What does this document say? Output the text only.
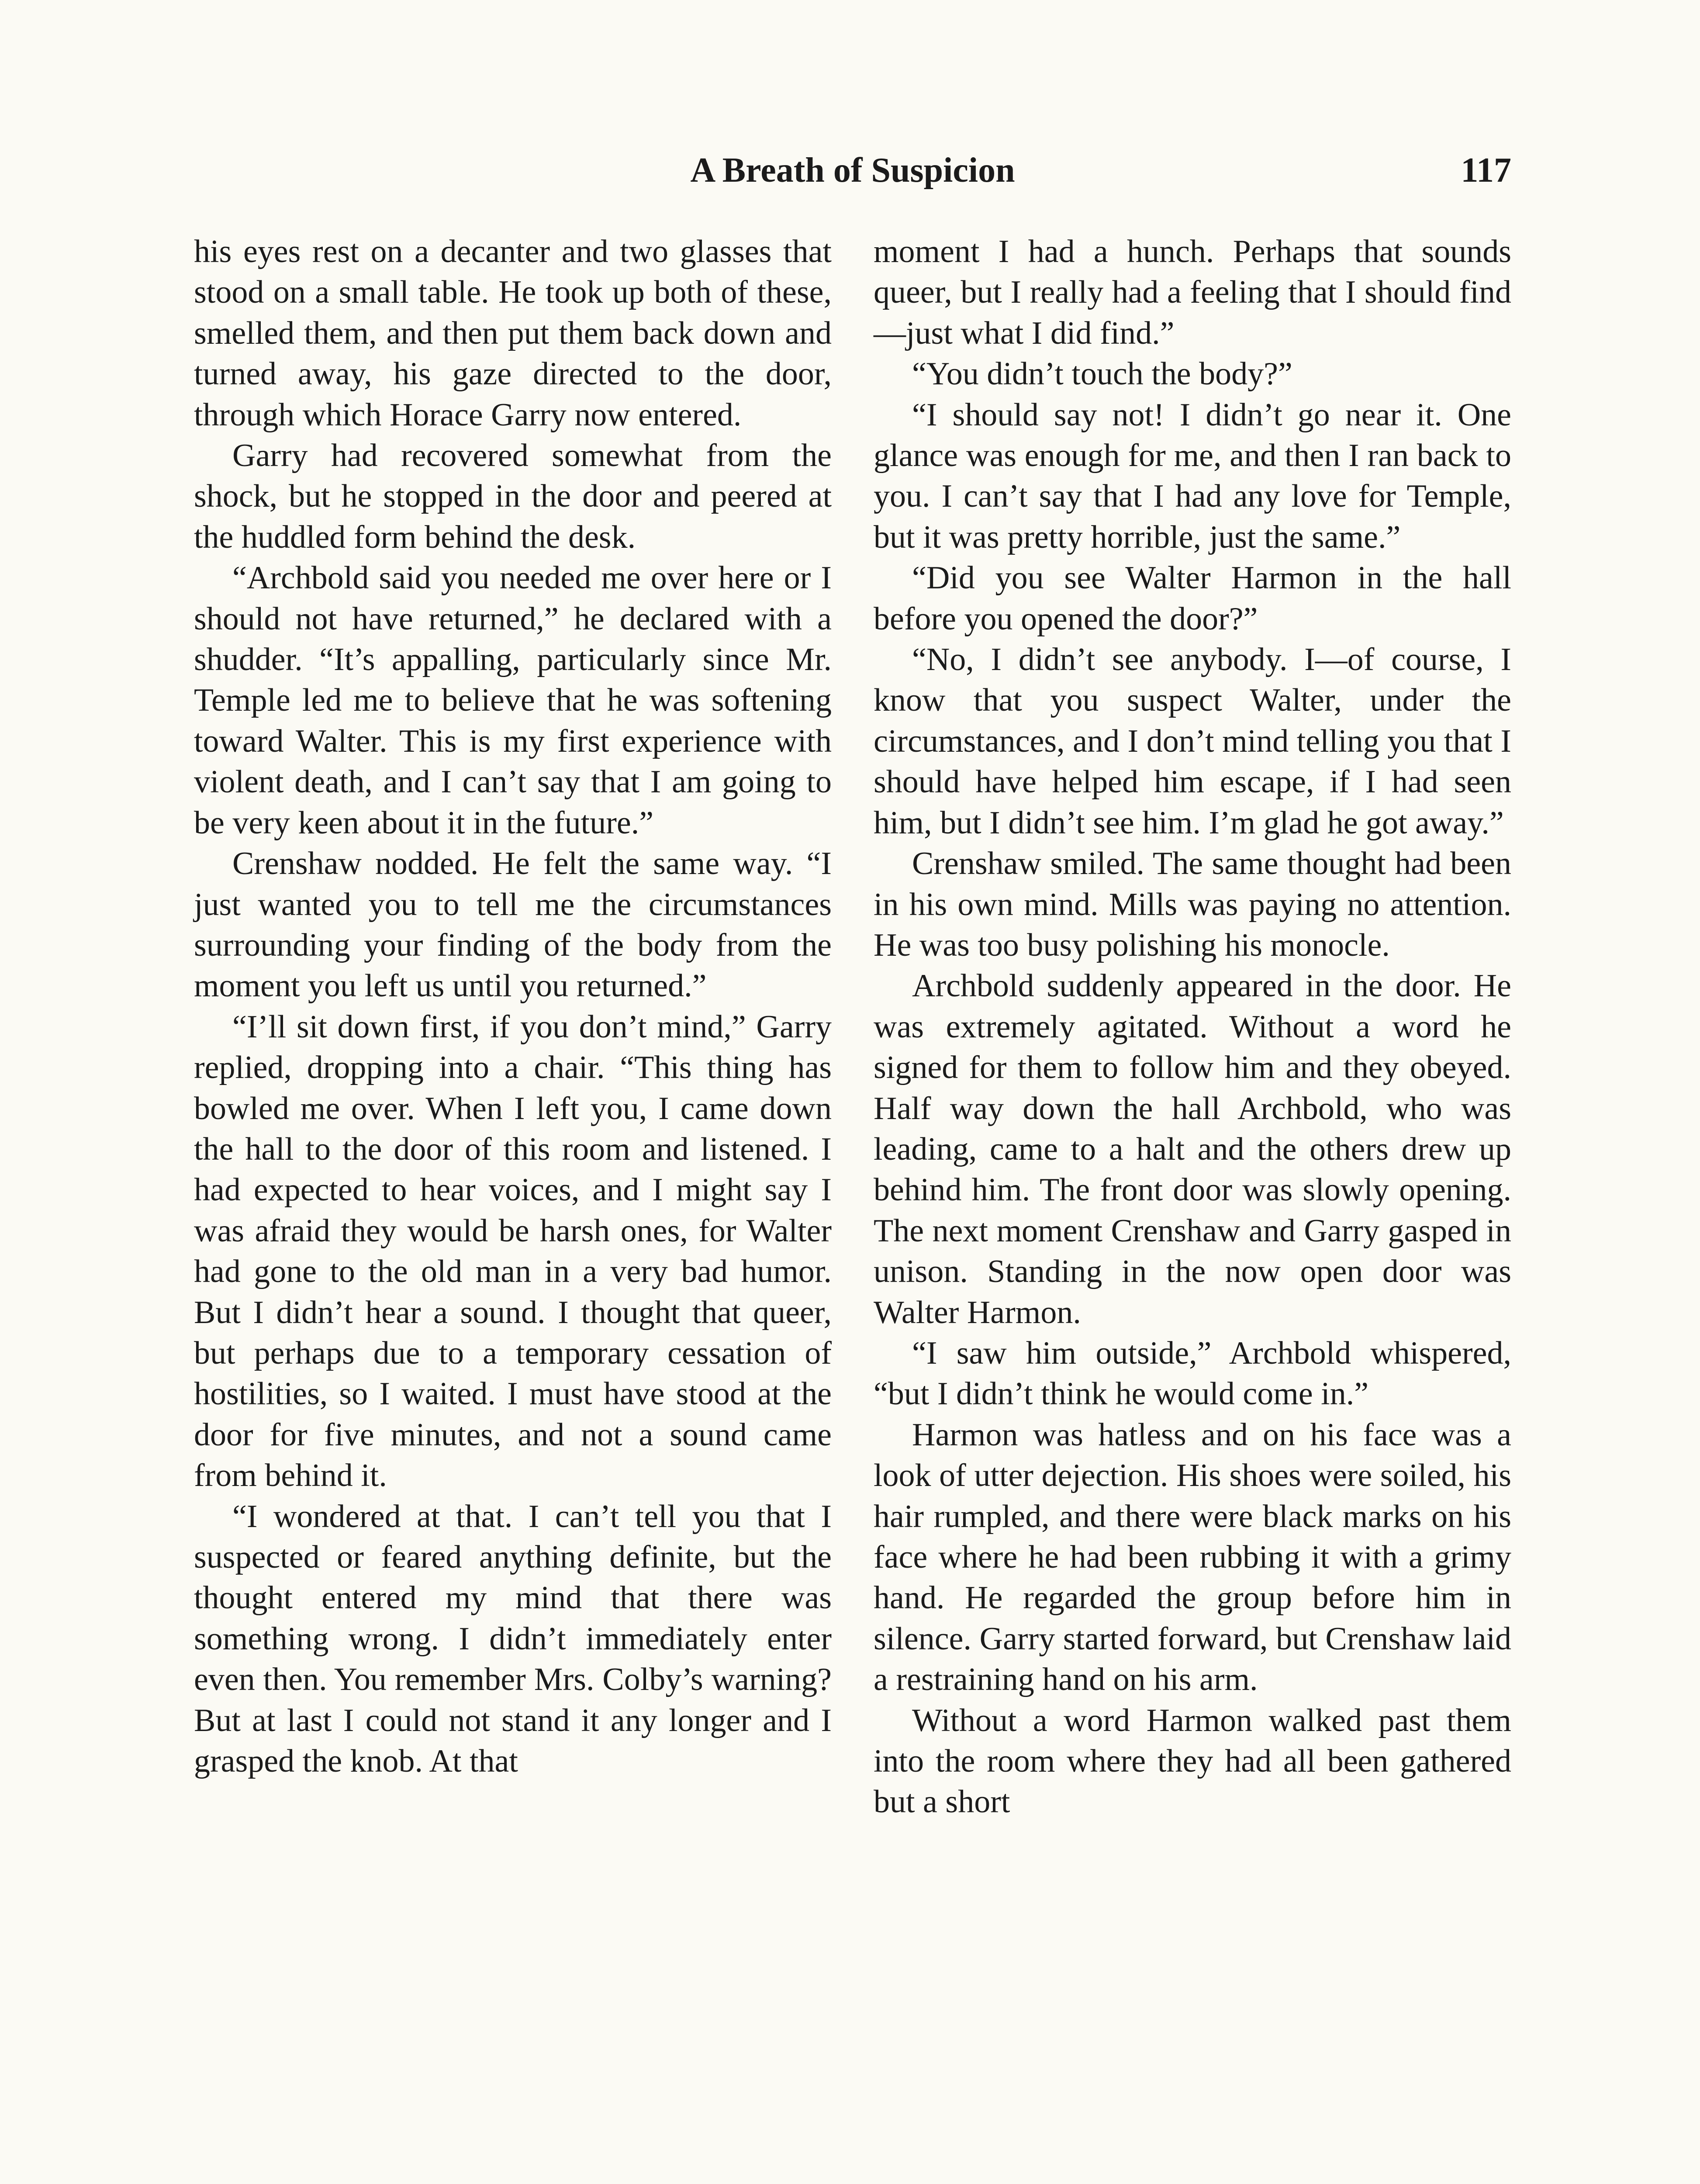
A Breath of Suspicion	117

his eyes rest on a decanter and two glasses that stood on a small table. He took up both of these, smelled them, and then put them back down and turned away, his gaze directed to the door, through which Horace Garry now entered.

Garry had recovered somewhat from the shock, but he stopped in the door and peered at the huddled form behind the desk.

“Archbold said you needed me over here or I should not have returned,” he declared with a shudder. “It’s appalling, particularly since Mr. Temple led me to believe that he was softening toward Walter. This is my first experience with violent death, and I can’t say that I am going to be very keen about it in the future.”

Crenshaw nodded. He felt the same way. “I just wanted you to tell me the circumstances surrounding your finding of the body from the moment you left us until you returned.”

“I’ll sit down first, if you don’t mind,” Garry replied, dropping into a chair. “This thing has bowled me over. When I left you, I came down the hall to the door of this room and listened. I had expected to hear voices, and I might say I was afraid they would be harsh ones, for Walter had gone to the old man in a very bad humor. But I didn’t hear a sound. I thought that queer, but perhaps due to a temporary cessation of hostilities, so I waited. I must have stood at the door for five minutes, and not a sound came from behind it.

“I wondered at that. I can’t tell you that I suspected or feared anything definite, but the thought entered my mind that there was something wrong. I didn’t immediately enter even then. You remember Mrs. Colby’s warning? But at last I could not stand it any longer and I grasped the knob. At that

moment I had a hunch. Perhaps that sounds queer, but I really had a feeling that I should find—just what I did find.”

“You didn’t touch the body?”

“I should say not! I didn’t go near it. One glance was enough for me, and then I ran back to you. I can’t say that I had any love for Temple, but it was pretty horrible, just the same.”

“Did you see Walter Harmon in the hall before you opened the door?”

“No, I didn’t see anybody. I—of course, I know that you suspect Walter, under the circumstances, and I don’t mind telling you that I should have helped him escape, if I had seen him, but I didn’t see him. I’m glad he got away.”

Crenshaw smiled. The same thought had been in his own mind. Mills was paying no attention. He was too busy polishing his monocle.

Archbold suddenly appeared in the door. He was extremely agitated. Without a word he signed for them to follow him and they obeyed. Half way down the hall Archbold, who was leading, came to a halt and the others drew up behind him. The front door was slowly opening. The next moment Crenshaw and Garry gasped in unison. Standing in the now open door was Walter Harmon.

“I saw him outside,” Archbold whispered, “but I didn’t think he would come in.”

Harmon was hatless and on his face was a look of utter dejection. His shoes were soiled, his hair rumpled, and there were black marks on his face where he had been rubbing it with a grimy hand. He regarded the group before him in silence. Garry started forward, but Crenshaw laid a restraining hand on his arm.

Without a word Harmon walked past them into the room where they had all been gathered but a short
